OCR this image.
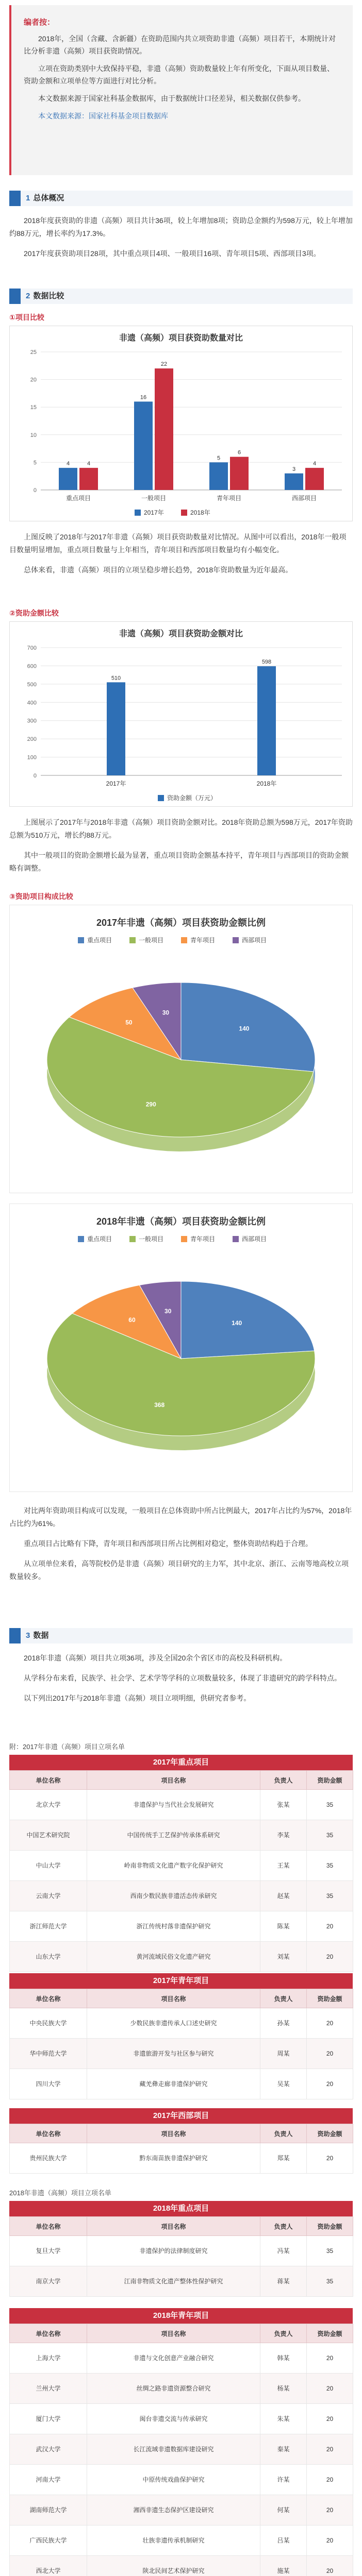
编者按：

2018年，全国（含藏、含新疆）在资助范围内共立项资助非遗（高频）项目若干，本期统计对比分析非遗（高频）项目获资助情况。

立项在资助类别中大致保持平稳，非遗（高频）资助数量较上年有所变化，下面从项目数量、资助金额和立项单位等方面进行对比分析。

本文数据来源于国家社科基金数据库，由于数据统计口径差异，相关数据仅供参考。

本文数据来源：国家社科基金项目数据库

1 总体概况

2018年度获资助的非遗（高频）项目共计36项，较上年增加8项；资助总金额约为598万元，较上年增加约88万元，增长率约为17.3%。

2017年度获资助项目28项，其中重点项目4项、一般项目16项、青年项目5项、西部项目3项。

2 数据比较
①项目比较
非遗（高频）项目获资助数量对比
0
5
10
15
20
25
重点项目
4	4
一般项目
16
22
青年项目
5
6
西部项目
3
4
2017年	2018年

上图反映了2018年与2017年非遗（高频）项目获资助数量对比情况。从图中可以看出，2018年一般项目数量明显增加，重点项目数量与上年相当，青年项目和西部项目数量均有小幅变化。

总体来看，非遗（高频）项目的立项呈稳步增长趋势，2018年资助数量为近年最高。

②资助金额比较
非遗（高频）项目获资助金额对比
0
100
200
300
400
500
600
700
2017年
510
2018年
598
资助金额（万元）

上图展示了2017年与2018年非遗（高频）项目资助金额对比。2018年资助总额为598万元，2017年资助总额为510万元，增长约88万元。

其中一般项目的资助金额增长最为显著，重点项目资助金额基本持平，青年项目与西部项目的资助金额略有调整。

③资助项目构成比较
2017年非遗（高频）项目获资助金额比例
重点项目	一般项目	青年项目	西部项目
140
290
50
30
2018年非遗（高频）项目获资助金额比例
重点项目	一般项目	青年项目	西部项目
140
368
60
30

对比两年资助项目构成可以发现，一般项目在总体资助中所占比例最大，2017年占比约为57%，2018年占比约为61%。

重点项目占比略有下降，青年项目和西部项目所占比例相对稳定，整体资助结构趋于合理。

从立项单位来看，高等院校仍是非遗（高频）项目研究的主力军，其中北京、浙江、云南等地高校立项数量较多。

3 数据

2018年非遗（高频）项目共立项36项，涉及全国20余个省区市的高校及科研机构。

从学科分布来看，民族学、社会学、艺术学等学科的立项数量较多，体现了非遗研究的跨学科特点。

以下列出2017年与2018年非遗（高频）项目立项明细，供研究者参考。

附：2017年非遗（高频）项目立项名单
2017年重点项目
单位名称	项目名称	负责人	资助金额
北京大学	非遗保护与当代社会发展研究	张某	35
中国艺术研究院	中国传统手工艺保护传承体系研究	李某	35
中山大学	岭南非物质文化遗产数字化保护研究	王某	35
云南大学	西南少数民族非遗活态传承研究	赵某	35
浙江师范大学	浙江传统村落非遗保护研究	陈某	20
山东大学	黄河流域民俗文化遗产研究	刘某	20
2017年青年项目
单位名称	项目名称	负责人	资助金额
中央民族大学	少数民族非遗传承人口述史研究	孙某	20
华中师范大学	非遗旅游开发与社区参与研究	周某	20
四川大学	藏羌彝走廊非遗保护研究	吴某	20
2017年西部项目
单位名称	项目名称	负责人	资助金额
贵州民族大学	黔东南苗族非遗保护研究	郑某	20
2018年非遗（高频）项目立项名单
2018年重点项目
单位名称	项目名称	负责人	资助金额
复旦大学	非遗保护的法律制度研究	冯某	35
南京大学	江南非物质文化遗产整体性保护研究	蒋某	35
2018年青年项目
单位名称	项目名称	负责人	资助金额
上海大学	非遗与文化创意产业融合研究	韩某	20
兰州大学	丝绸之路非遗资源整合研究	杨某	20
厦门大学	闽台非遗交流与传承研究	朱某	20
武汉大学	长江流域非遗数据库建设研究	秦某	20
河南大学	中原传统戏曲保护研究	许某	20
湖南师范大学	湘西非遗生态保护区建设研究	何某	20
广西民族大学	壮族非遗传承机制研究	吕某	20
西北大学	陕北民间艺术保护研究	施某	20
